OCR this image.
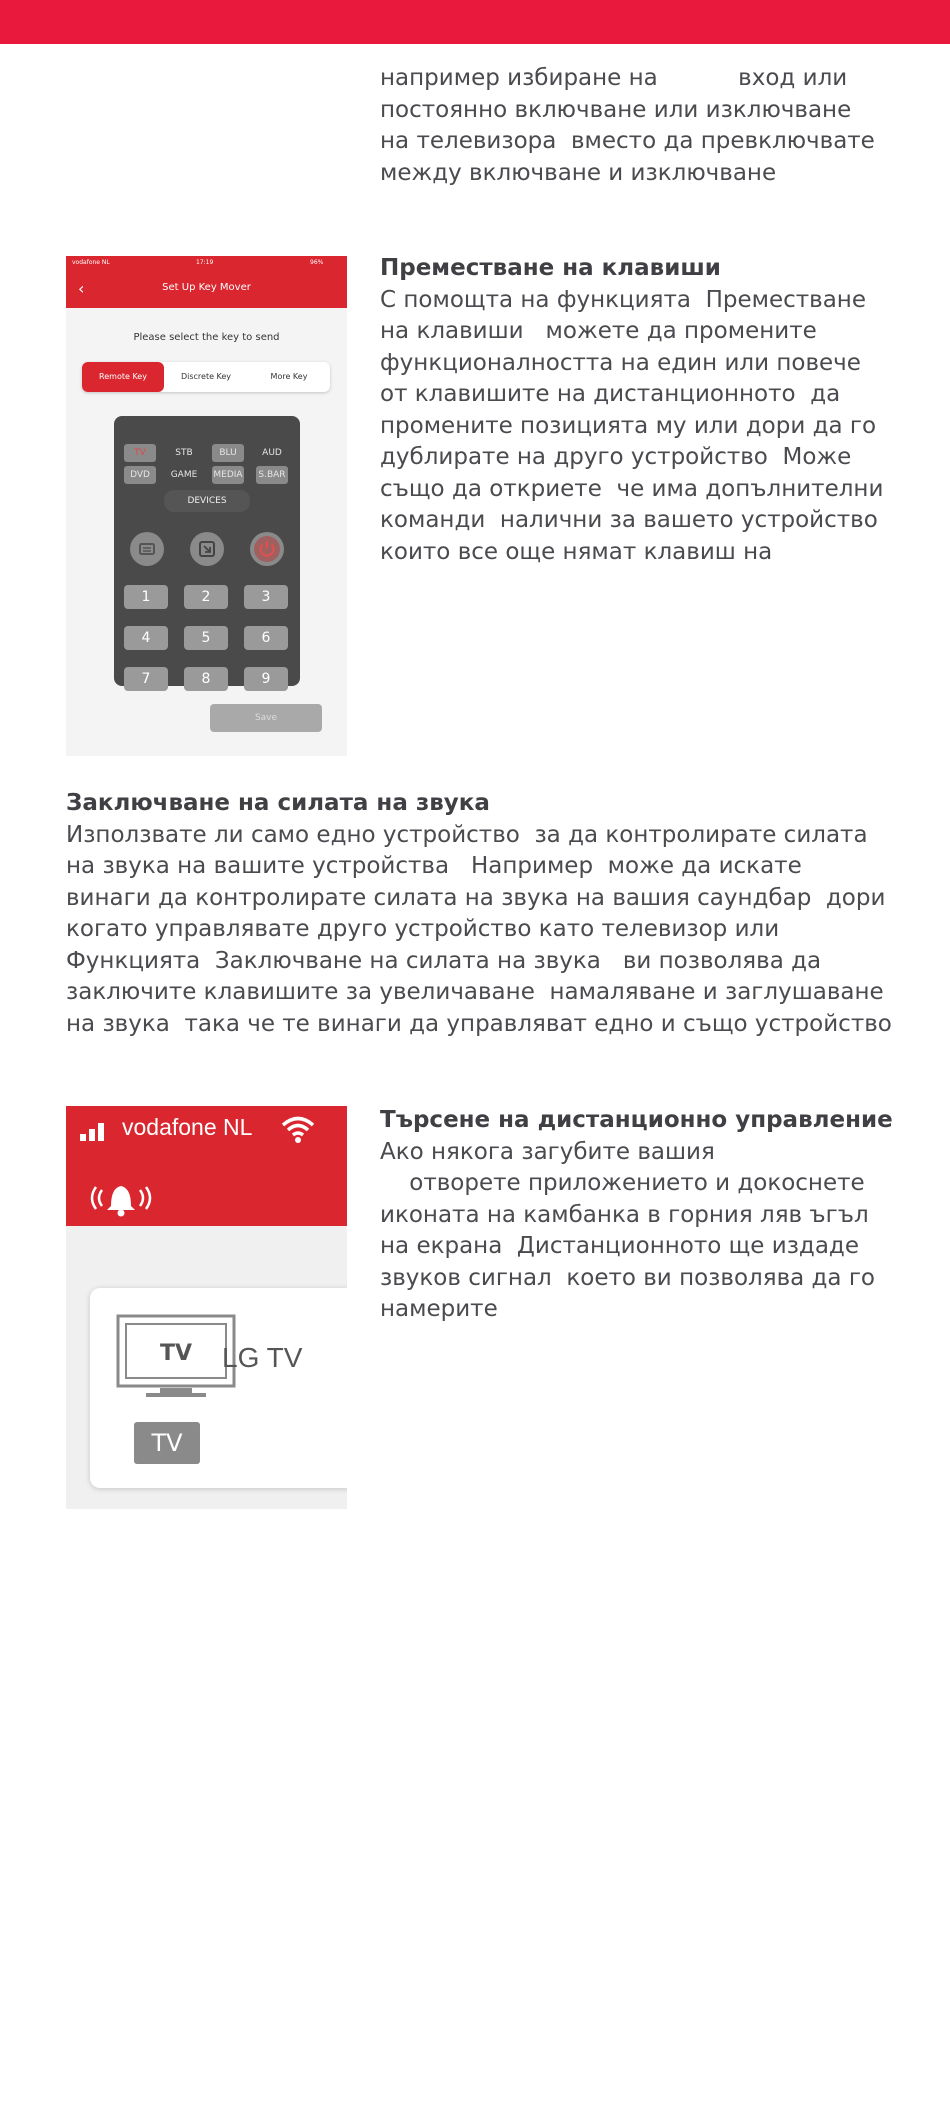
например избиране на           вход или
постоянно включване или изключване
на телевизора  вместо да превключвате
между включване и изключване
vodafone NL	17:19	96%
‹	Set Up Key Mover
Please select the key to send
Remote Key	Discrete Key	More Key
TV	STB	BLU	AUD
DVD	GAME	MEDIA S.BAR
DEVICES
1	2	3
4	5	6
7	8	9
Save
Преместване на клавиши
С помощта на функцията  Преместване
на клавиши   можете да промените
функционалността на един или повече
от клавишите на дистанционното  да
промените позицията му или дори да го
дублирате на друго устройство  Може
също да откриете  че има допълнителни
команди  налични за вашето устройство
които все още нямат клавиш на
Заключване на силата на звука
Използвате ли само едно устройство  за да контролирате силата
на звука на вашите устройства   Например  може да искате
винаги да контролирате силата на звука на вашия саундбар  дори
когато управлявате друго устройство като телевизор или
Функцията  Заключване на силата на звука   ви позволява да
заключите клавишите за увеличаване  намаляване и заглушаване
на звука  така че те винаги да управляват едно и също устройство
vodafone NL
TV LG TV
TV
Търсене на дистанционно управление
Ако някога загубите вашия
отворете приложението и докоснете
иконата на камбанка в горния ляв ъгъл
на екрана  Дистанционното ще издаде
звуков сигнал  което ви позволява да го
намерите
